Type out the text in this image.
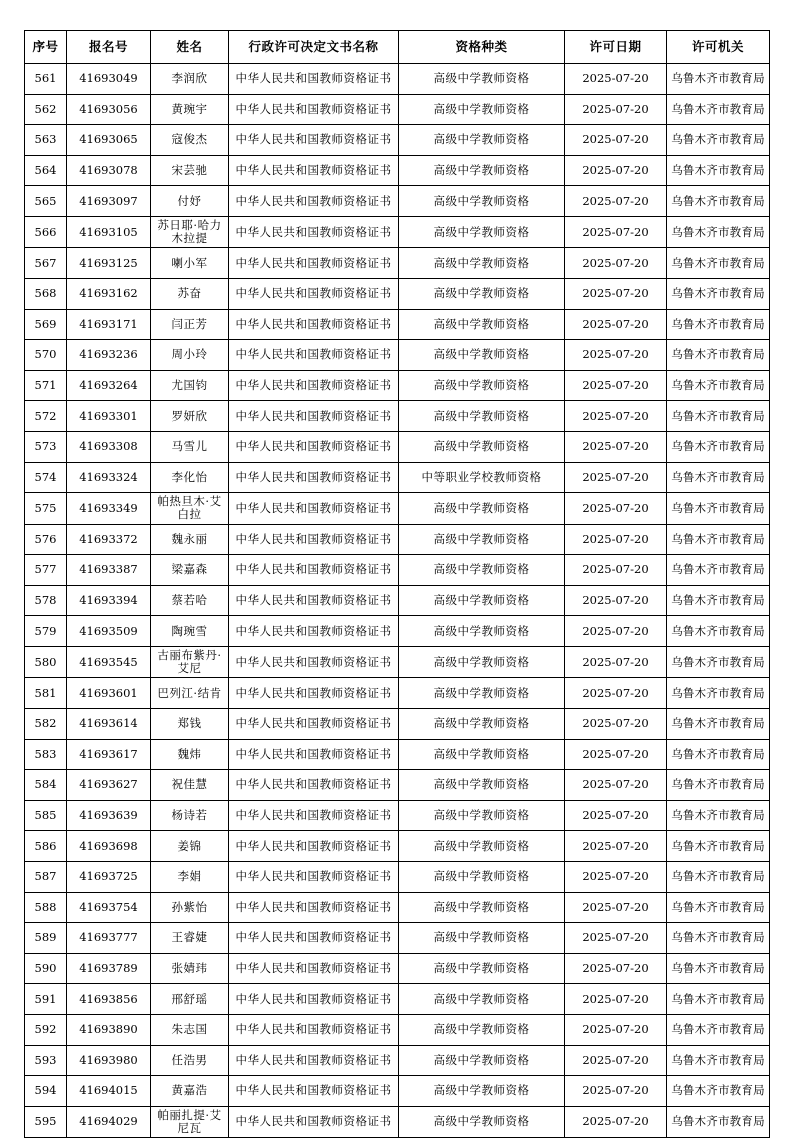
序号	报名号	姓名	行政许可决定文书名称	资格种类	许可日期	许可机关
561	41693049	李润欣	中华人民共和国教师资格证书	高级中学教师资格	2025-07-20	乌鲁木齐市教育局
562	41693056	黄琬宇	中华人民共和国教师资格证书	高级中学教师资格	2025-07-20	乌鲁木齐市教育局
563	41693065	寇俊杰	中华人民共和国教师资格证书	高级中学教师资格	2025-07-20	乌鲁木齐市教育局
564	41693078	宋芸驰	中华人民共和国教师资格证书	高级中学教师资格	2025-07-20	乌鲁木齐市教育局
565	41693097	付妤	中华人民共和国教师资格证书	高级中学教师资格	2025-07-20	乌鲁木齐市教育局
566	41693105	苏日耶·哈力木拉提	中华人民共和国教师资格证书	高级中学教师资格	2025-07-20	乌鲁木齐市教育局
567	41693125	喇小军	中华人民共和国教师资格证书	高级中学教师资格	2025-07-20	乌鲁木齐市教育局
568	41693162	苏奋	中华人民共和国教师资格证书	高级中学教师资格	2025-07-20	乌鲁木齐市教育局
569	41693171	闫正芳	中华人民共和国教师资格证书	高级中学教师资格	2025-07-20	乌鲁木齐市教育局
570	41693236	周小玲	中华人民共和国教师资格证书	高级中学教师资格	2025-07-20	乌鲁木齐市教育局
571	41693264	尤国钧	中华人民共和国教师资格证书	高级中学教师资格	2025-07-20	乌鲁木齐市教育局
572	41693301	罗妍欣	中华人民共和国教师资格证书	高级中学教师资格	2025-07-20	乌鲁木齐市教育局
573	41693308	马雪儿	中华人民共和国教师资格证书	高级中学教师资格	2025-07-20	乌鲁木齐市教育局
574	41693324	李化怡	中华人民共和国教师资格证书	中等职业学校教师资格	2025-07-20	乌鲁木齐市教育局
575	41693349	帕热旦木·艾白拉	中华人民共和国教师资格证书	高级中学教师资格	2025-07-20	乌鲁木齐市教育局
576	41693372	魏永丽	中华人民共和国教师资格证书	高级中学教师资格	2025-07-20	乌鲁木齐市教育局
577	41693387	梁嘉森	中华人民共和国教师资格证书	高级中学教师资格	2025-07-20	乌鲁木齐市教育局
578	41693394	蔡若哈	中华人民共和国教师资格证书	高级中学教师资格	2025-07-20	乌鲁木齐市教育局
579	41693509	陶琬雪	中华人民共和国教师资格证书	高级中学教师资格	2025-07-20	乌鲁木齐市教育局
580	41693545	古丽布紫丹·艾尼	中华人民共和国教师资格证书	高级中学教师资格	2025-07-20	乌鲁木齐市教育局
581	41693601	巴列江·结肯	中华人民共和国教师资格证书	高级中学教师资格	2025-07-20	乌鲁木齐市教育局
582	41693614	郑钱	中华人民共和国教师资格证书	高级中学教师资格	2025-07-20	乌鲁木齐市教育局
583	41693617	魏炜	中华人民共和国教师资格证书	高级中学教师资格	2025-07-20	乌鲁木齐市教育局
584	41693627	祝佳慧	中华人民共和国教师资格证书	高级中学教师资格	2025-07-20	乌鲁木齐市教育局
585	41693639	杨诗若	中华人民共和国教师资格证书	高级中学教师资格	2025-07-20	乌鲁木齐市教育局
586	41693698	姜锦	中华人民共和国教师资格证书	高级中学教师资格	2025-07-20	乌鲁木齐市教育局
587	41693725	李娟	中华人民共和国教师资格证书	高级中学教师资格	2025-07-20	乌鲁木齐市教育局
588	41693754	孙紫怡	中华人民共和国教师资格证书	高级中学教师资格	2025-07-20	乌鲁木齐市教育局
589	41693777	王睿婕	中华人民共和国教师资格证书	高级中学教师资格	2025-07-20	乌鲁木齐市教育局
590	41693789	张婧玮	中华人民共和国教师资格证书	高级中学教师资格	2025-07-20	乌鲁木齐市教育局
591	41693856	邢舒瑶	中华人民共和国教师资格证书	高级中学教师资格	2025-07-20	乌鲁木齐市教育局
592	41693890	朱志国	中华人民共和国教师资格证书	高级中学教师资格	2025-07-20	乌鲁木齐市教育局
593	41693980	任浩男	中华人民共和国教师资格证书	高级中学教师资格	2025-07-20	乌鲁木齐市教育局
594	41694015	黄嘉浩	中华人民共和国教师资格证书	高级中学教师资格	2025-07-20	乌鲁木齐市教育局
595	41694029	帕丽扎提·艾尼瓦	中华人民共和国教师资格证书	高级中学教师资格	2025-07-20	乌鲁木齐市教育局
